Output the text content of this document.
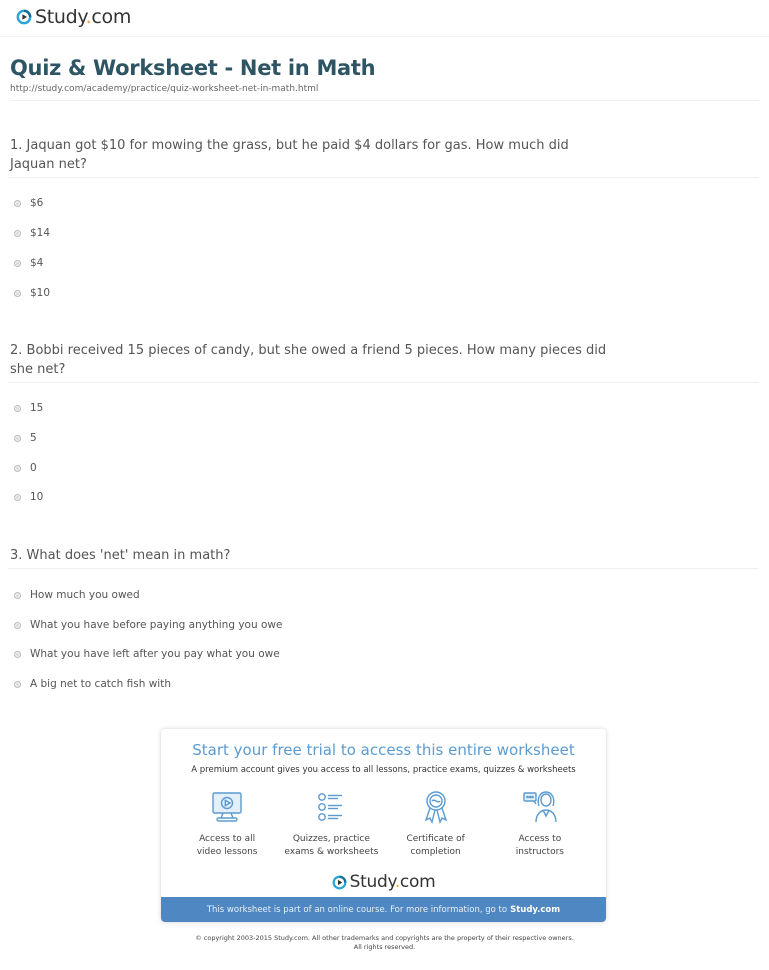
Study.com
Quiz & Worksheet - Net in Math
http://study.com/academy/practice/quiz-worksheet-net-in-math.html
1. Jaquan got $10 for mowing the grass, but he paid $4 dollars for gas. How much did Jaquan net?
$6
$14
$4
$10
2. Bobbi received 15 pieces of candy, but she owed a friend 5 pieces. How many pieces did she net?
15
5
0
10
3. What does 'net' mean in math?
How much you owed
What you have before paying anything you owe
What you have left after you pay what you owe
A big net to catch fish with
Start your free trial to access this entire worksheet
A premium account gives you access to all lessons, practice exams, quizzes & worksheets
Access to all
video lessons
Quizzes, practice
exams & worksheets
Certificate of
completion
Access to
instructors
Study.com
This worksheet is part of an online course. For more information, go to Study.com
© copyright 2003-2015 Study.com. All other trademarks and copyrights are the property of their respective owners.
All rights reserved.
